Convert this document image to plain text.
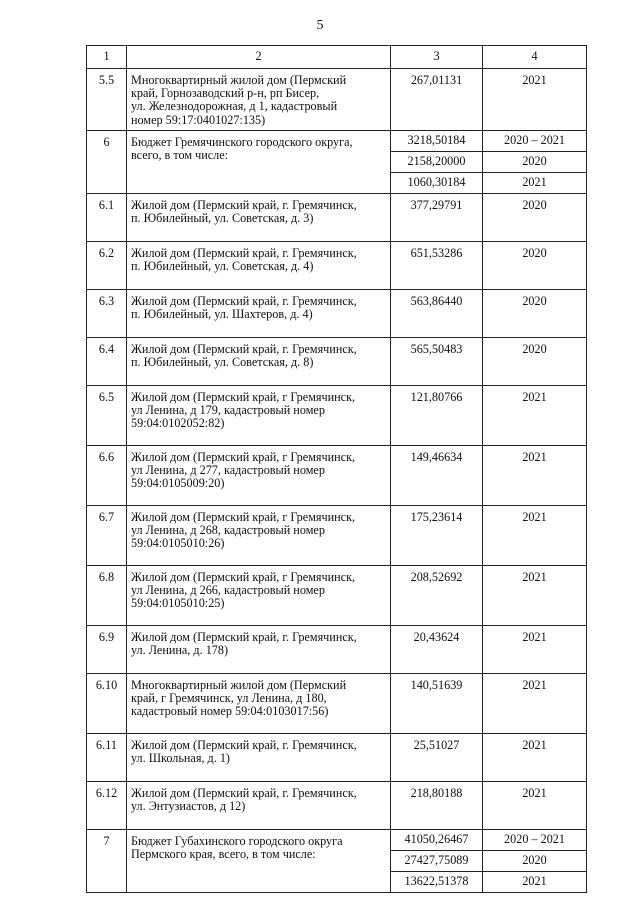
5
1	2	3	4
5.5	Многоквартирный жилой дом (Пермский
край, Горнозаводский р-н, рп Бисер,
ул. Железнодорожная, д 1, кадастровый
номер 59:17:0401027:135)	267,01131	2021
6	Бюджет Гремячинского городского округа,
всего, в том числе:	3218,50184	2020 – 2021
		2158,20000	2020
		1060,30184	2021
6.1	Жилой дом (Пермский край, г. Гремячинск,
п. Юбилейный, ул. Советская, д. 3)	377,29791	2020
6.2	Жилой дом (Пермский край, г. Гремячинск,
п. Юбилейный, ул. Советская, д. 4)	651,53286	2020
6.3	Жилой дом (Пермский край, г. Гремячинск,
п. Юбилейный, ул. Шахтеров, д. 4)	563,86440	2020
6.4	Жилой дом (Пермский край, г. Гремячинск,
п. Юбилейный, ул. Советская, д. 8)	565,50483	2020
6.5	Жилой дом (Пермский край, г Гремячинск,
ул Ленина, д 179, кадастровый номер
59:04:0102052:82)	121,80766	2021
6.6	Жилой дом (Пермский край, г Гремячинск,
ул Ленина, д 277, кадастровый номер
59:04:0105009:20)	149,46634	2021
6.7	Жилой дом (Пермский край, г Гремячинск,
ул Ленина, д 268, кадастровый номер
59:04:0105010:26)	175,23614	2021
6.8	Жилой дом (Пермский край, г Гремячинск,
ул Ленина, д 266, кадастровый номер
59:04:0105010:25)	208,52692	2021
6.9	Жилой дом (Пермский край, г. Гремячинск,
ул. Ленина, д. 178)	20,43624	2021
6.10	Многоквартирный жилой дом (Пермский
край, г Гремячинск, ул Ленина, д 180,
кадастровый номер 59:04:0103017:56)	140,51639	2021
6.11	Жилой дом (Пермский край, г. Гремячинск,
ул. Школьная, д. 1)	25,51027	2021
6.12	Жилой дом (Пермский край, г. Гремячинск,
ул. Энтузиастов, д 12)	218,80188	2021
7	Бюджет Губахинского городского округа
Пермского края, всего, в том числе:	41050,26467	2020 – 2021
		27427,75089	2020
		13622,51378	2021
